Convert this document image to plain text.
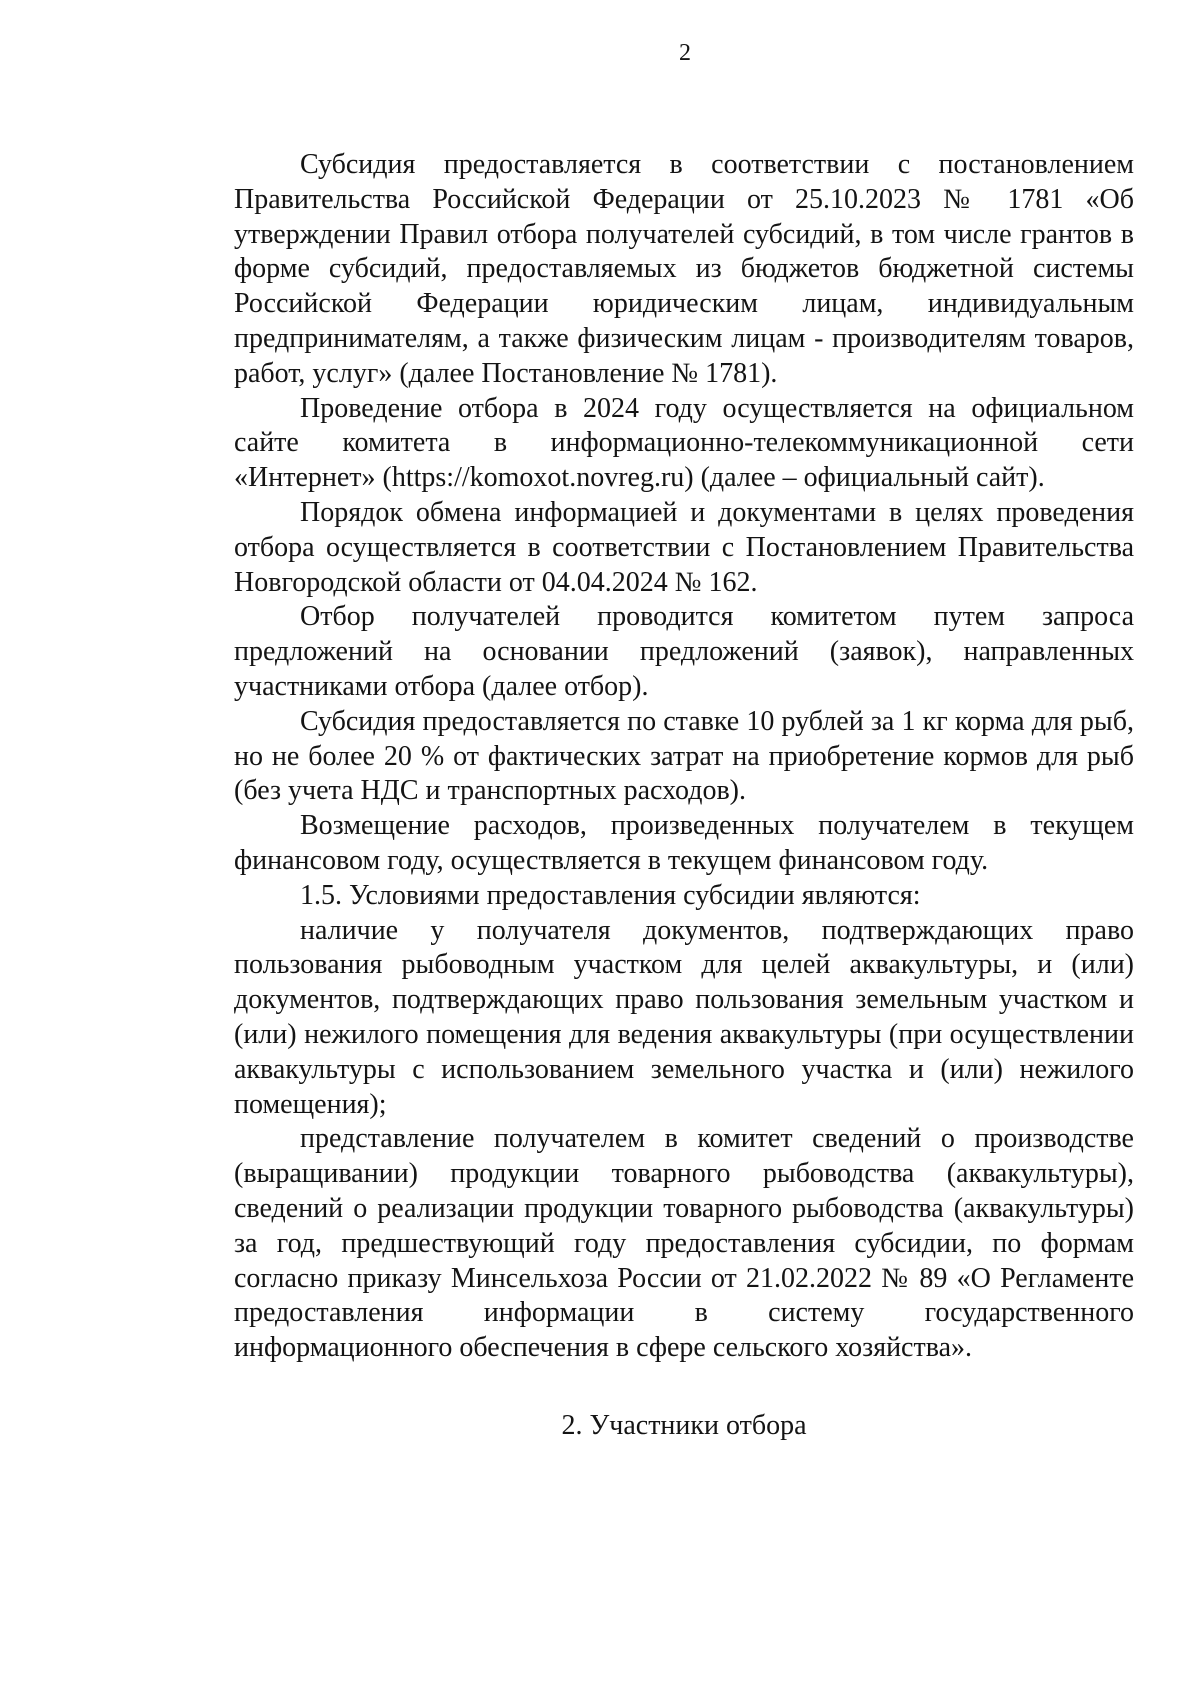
2

Субсидия предоставляется в соответствии с постановлением Правительства Российской Федерации от 25.10.2023 № 1781 «Об утверждении Правил отбора получателей субсидий, в том числе грантов в форме субсидий, предоставляемых из бюджетов бюджетной системы Российской Федерации юридическим лицам, индивидуальным предпринимателям, а также физическим лицам - производителям товаров, работ, услуг» (далее Постановление № 1781).

Проведение отбора в 2024 году осуществляется на официальном сайте комитета в информационно-телекоммуникационной сети «Интернет» (https://komoxot.novreg.ru) (далее – официальный сайт).

Порядок обмена информацией и документами в целях проведения отбора осуществляется в соответствии с Постановлением Правительства Новгородской области от 04.04.2024 № 162.

Отбор получателей проводится комитетом путем запроса предложений на основании предложений (заявок), направленных участниками отбора (далее отбор).

Субсидия предоставляется по ставке 10 рублей за 1 кг корма для рыб, но не более 20 % от фактических затрат на приобретение кормов для рыб (без учета НДС и транспортных расходов).

Возмещение расходов, произведенных получателем в текущем финансовом году, осуществляется в текущем финансовом году.

1.5. Условиями предоставления субсидии являются:

наличие у получателя документов, подтверждающих право пользования рыбоводным участком для целей аквакультуры, и (или) документов, подтверждающих право пользования земельным участком и (или) нежилого помещения для ведения аквакультуры (при осуществлении аквакультуры с использованием земельного участка и (или) нежилого помещения);

представление получателем в комитет сведений о производстве (выращивании) продукции товарного рыбоводства (аквакультуры), сведений о реализации продукции товарного рыбоводства (аквакультуры) за год, предшествующий году предоставления субсидии, по формам согласно приказу Минсельхоза России от 21.02.2022 № 89 «О Регламенте предоставления информации в систему государственного информационного обеспечения в сфере сельского хозяйства».

2. Участники отбора
